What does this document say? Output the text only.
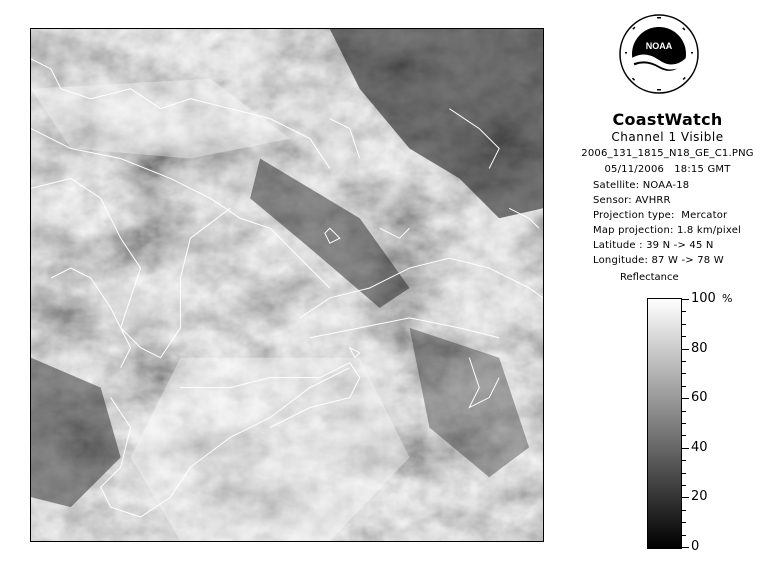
NOAA
CoastWatch
Channel 1 Visible
2006_131_1815_N18_GE_C1.PNG
05/11/2006   18:15 GMT
Satellite: NOAA-18
Sensor: AVHRR
Projection type:  Mercator
Map projection: 1.8 km/pixel
Latitude : 39 N -> 45 N
Longitude: 87 W -> 78 W
Reflectance
%
100
80
60
40
20
0
